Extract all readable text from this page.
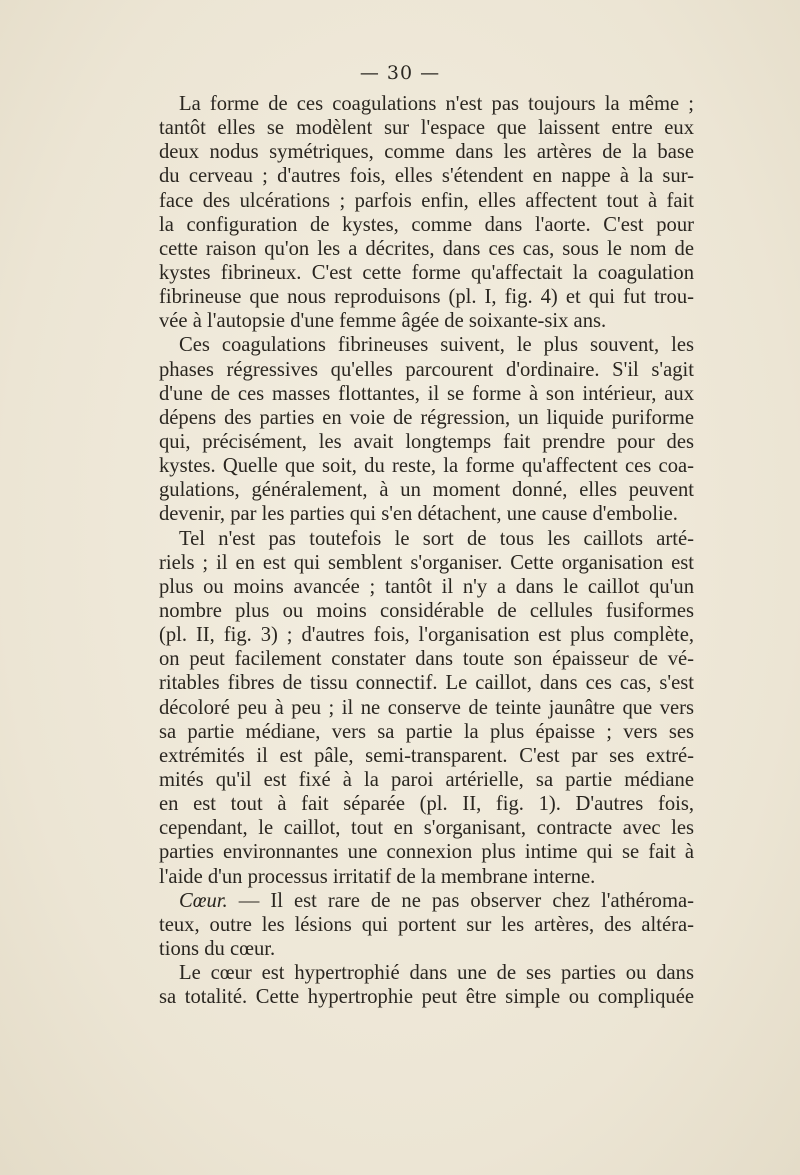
— 30 —
La forme de ces coagulations n'est pas toujours la même ;
tantôt elles se modèlent sur l'espace que laissent entre eux
deux nodus symétriques, comme dans les artères de la base
du cerveau ; d'autres fois, elles s'étendent en nappe à la sur-
face des ulcérations ; parfois enfin, elles affectent tout à fait
la configuration de kystes, comme dans l'aorte. C'est pour
cette raison qu'on les a décrites, dans ces cas, sous le nom de
kystes fibrineux. C'est cette forme qu'affectait la coagulation
fibrineuse que nous reproduisons (pl. I, fig. 4) et qui fut trou-
vée à l'autopsie d'une femme âgée de soixante-six ans.
Ces coagulations fibrineuses suivent, le plus souvent, les
phases régressives qu'elles parcourent d'ordinaire. S'il s'agit
d'une de ces masses flottantes, il se forme à son intérieur, aux
dépens des parties en voie de régression, un liquide puriforme
qui, précisément, les avait longtemps fait prendre pour des
kystes. Quelle que soit, du reste, la forme qu'affectent ces coa-
gulations, généralement, à un moment donné, elles peuvent
devenir, par les parties qui s'en détachent, une cause d'embolie.
Tel n'est pas toutefois le sort de tous les caillots arté-
riels ; il en est qui semblent s'organiser. Cette organisation est
plus ou moins avancée ; tantôt il n'y a dans le caillot qu'un
nombre plus ou moins considérable de cellules fusiformes
(pl. II, fig. 3) ; d'autres fois, l'organisation est plus complète,
on peut facilement constater dans toute son épaisseur de vé-
ritables fibres de tissu connectif. Le caillot, dans ces cas, s'est
décoloré peu à peu ; il ne conserve de teinte jaunâtre que vers
sa partie médiane, vers sa partie la plus épaisse ; vers ses
extrémités il est pâle, semi-transparent. C'est par ses extré-
mités qu'il est fixé à la paroi artérielle, sa partie médiane
en est tout à fait séparée (pl. II, fig. 1). D'autres fois,
cependant, le caillot, tout en s'organisant, contracte avec les
parties environnantes une connexion plus intime qui se fait à
l'aide d'un processus irritatif de la membrane interne.
Cœur. — Il est rare de ne pas observer chez l'athéroma-
teux, outre les lésions qui portent sur les artères, des altéra-
tions du cœur.
Le cœur est hypertrophié dans une de ses parties ou dans
sa totalité. Cette hypertrophie peut être simple ou compliquée
